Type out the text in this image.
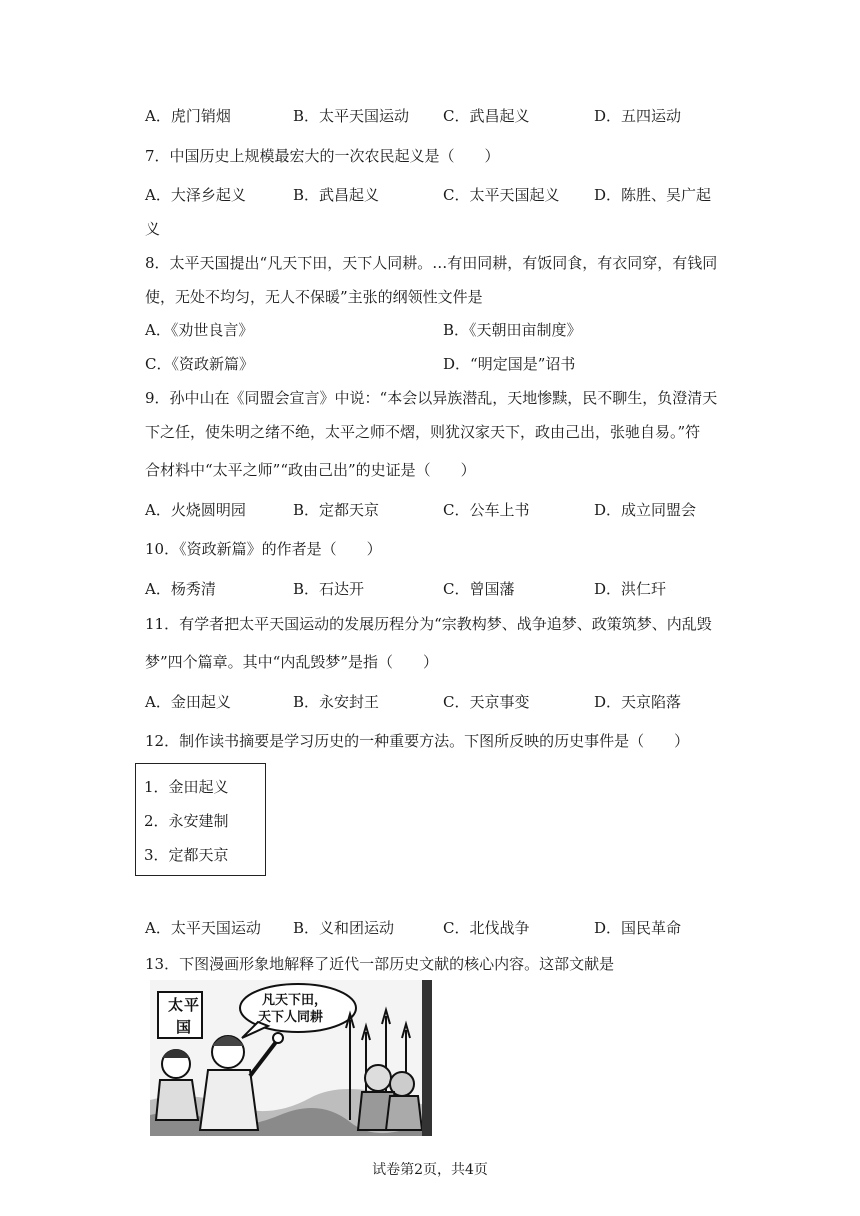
A．虎门销烟	B．太平天国运动 C．武昌起义	D．五四运动
7．中国历史上规模最宏大的一次农民起义是（　　）
A．大泽乡起义	B．武昌起义	C．太平天国起义 D．陈胜、吴广起
义
8．太平天国提出“凡天下田，天下人同耕。…有田同耕，有饭同食，有衣同穿，有钱同
使，无处不均匀，无人不保暖”主张的纲领性文件是
A．《劝世良言》	B．《天朝田亩制度》
C．《资政新篇》	D．“明定国是”诏书
9．孙中山在《同盟会宣言》中说：“本会以异族潜乱，天地惨黩，民不聊生，负澄清天
下之任，使朱明之绪不绝，太平之师不熠，则犹汉家天下，政由己出，张驰自易。”符
合材料中“太平之师”“政由己出”的史证是（　　）
A．火烧圆明园	B．定都天京	C．公车上书	D．成立同盟会
10．《资政新篇》的作者是（　　）
A．杨秀清	B．石达开	C．曾国藩	D．洪仁玕
11．有学者把太平天国运动的发展历程分为“宗教构梦、战争追梦、政策筑梦、内乱毁
梦”四个篇章。其中“内乱毁梦”是指（　　）
A．金田起义	B．永安封王	C．天京事变	D．天京陷落
12．制作读书摘要是学习历史的一种重要方法。下图所反映的历史事件是（　　）
1．金田起义
2．永安建制
3．定都天京
A．太平天国运动 B．义和团运动	C．北伐战争	D．国民革命
13．下图漫画形象地解释了近代一部历史文献的核心内容。这部文献是
太 平
国
凡天下田，
天下人同耕
试卷第2页，共4页
